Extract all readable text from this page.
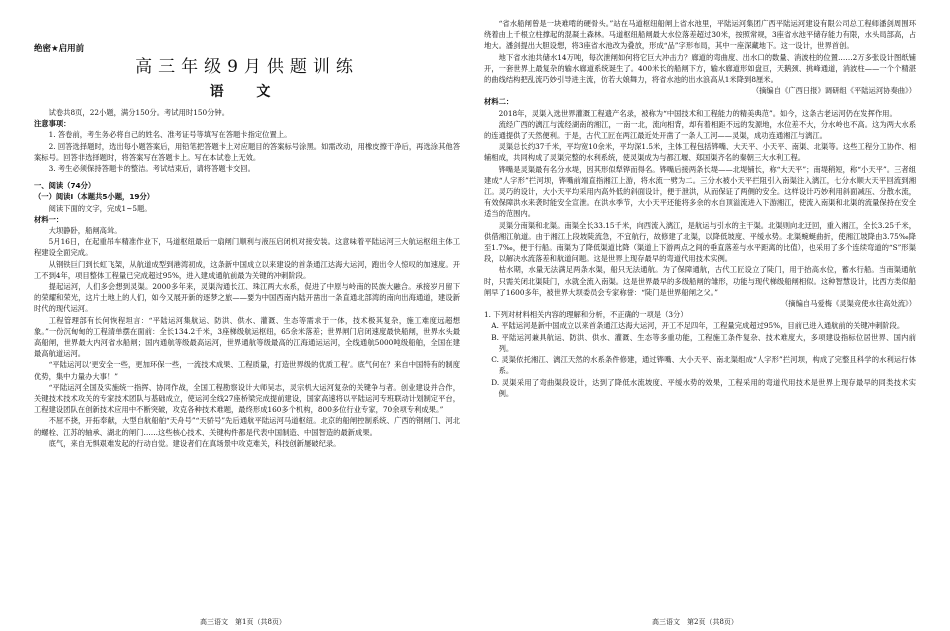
绝密★启用前
高三年级9月供题训练
语 文

试卷共8页，22小题，满分150分。考试用时150分钟。

注意事项：

1. 答卷前，考生务必将自己的姓名、准考证号等填写在答题卡指定位置上。

2. 回答选择题时，选出每小题答案后，用铅笔把答题卡上对应题目的答案标号涂黑。如需改动，用橡皮擦干净后，再选涂其他答案标号。回答非选择题时，将答案写在答题卡上。写在本试卷上无效。

3. 考生必须保持答题卡的整洁。考试结束后，请将答题卡交回。

一、阅读（74分）

（一）阅读Ⅰ（本题共5小题，19分）

阅读下面的文字，完成1~5题。

材料一：

大坝静卧，船闸高耸。

5月16日，在起重吊车精准作业下，马道枢纽最后一扇闸门顺利与液压启闭机对接安装。这意味着平陆运河三大航运枢纽主体工程建设全面完成。

从钢铁巨门到长虹飞架，从航道成型到港湾初成，这条新中国成立以来建设的首条通江达海大运河，跑出令人惊叹的加速度。开工不到4年，项目整体工程量已完成超过95%，进入建成通航前最为关键的冲刺阶段。

提起运河，人们多会想到灵渠。2000多年来，灵渠沟通长江、珠江两大水系，促进了中原与岭南的民族大融合。承接岁月留下的荣耀和荣光，这片土地上的人们，如今又展开新的逐梦之旅——要为中国西南内陆开凿出一条直通北部湾的南向出海通道，建设新时代的现代运河。

工程管理部有长何恢程坦言：“平陆运河集航运、防洪、供水、灌溉、生态等需求于一体，技术极其复杂，施工难度远超想象。”一份沉甸甸的工程清单摆在面前：全长134.2千米，3座梯级航运枢纽，65余米落差；世界闸门启闭速度最快船闸，世界水头最高船闸，世界最大内河省水船闸；国内通航等级最高运河，世界通航等级最高的江海通运运河，全线通航5000吨级船舶，全国在建最高航道运河。

“平陆运河以‘更安全一些，更加环保一些，一流技术成果、工程质量，打造世界级的优质工程’。底气何在？来自中国特有的制度优势，集中力量办大事！”

“平陆运河全国及实施统一指挥、协同作战，全国工程勘察设计大师吴志，灵宗机大运河复杂的关键争与者。创业建设并合作，关键技术技术攻关的专家技术团队与基础成立，使运河全线27座桥梁完成提前建设，国家高速将以平陆运河专班联动计划制定平台，工程建设团队在创新技术应用中不断突破，攻克各种技术难题，最终形成160多个机构，800多位行业专家，70余项专利成果。”

不屈不挠，开拓奉献，大型自航船舶“天舟号”“天骄号”先后通航平陆运河马道枢纽。北京的船闸控制系统、广西的钢闸门、河北的螺栓、江苏的轴承、湖北的闸门……这些核心技术、关键构件都是代表中国制造、中国智造的最新成果。

底气，来自无惧艰难发起的行动自觉。建设者们在真场景中攻克难关，科技创新屡破纪录。

“省水船闸曾是一块难啃的硬骨头。”站在马道枢纽船闸上省水池里，平陆运河集团广西平陆运河建设有限公司总工程师潘剑周围环绕着由上千根立柱撑起的混凝土森林。马道枢纽船闸最大水位落差超过30米，按照常规，3座省水池平储存能力有限，水头局部高，占地大。潘剑提出大胆设想，将3座省水池改为叠放，形成“品”字形布局，其中一座深藏地下。这一设计，世界首创。

地下省水池共储水14万吨，每次泄闸如何将它巨大冲击力？廊道的弯曲度、出水口的数量、消波柱的位置……2万多张设计图纸铺开，一套世界上最复杂的输水廊道系统诞生了。400米长的船闸下方，输水廊道形如盘亘，天鹅颈、挑峰通道，消波柱——一个个精湛的曲线结构把乱流巧妙引导进主流，仿若大娘舞力，将省水池的出水浪高从1米降到8厘米。

（摘编自《广西日报》调研组《平陆运河协奏曲》）

材料二：

2018年，灵渠入选世界灌溉工程遗产名录，被称为“中国技术和工程能力的精美典范”。如今，这条古老运河仍在发挥作用。

流经广西的漓江与流经湖南的湘江，一南一北，流向相背，却有着相距不远的发源地，水位差不大，分水岭也不高。这为两大水系的连通提供了天然便利。于是，古代工匠在两江最近处开凿了一条人工河——灵渠，成功连通湘江与漓江。

灵渠总长约37千米，平均宽10余米，平均深1.5米，主体工程包括铧嘴、大天平、小天平、南渠、北渠等。这些工程分工协作、相辅相成，共同构成了灵渠完整的水利系统，使灵渠成为与都江堰、郑国渠齐名的秦朝三大水利工程。

铧嘴是灵渠最有名分水堤，因其形似犁铧而得名。铧嘴后接两条长堤——北堤铺长，称“大天平”；南堤稍短，称“小天平”。三者组建成“人字形”拦河坝，铧嘴前端直指湘江上游，将水流一劈为二。三分水被小天平拦阻引入南渠注入漓江，七分水顺大天平回流到湘江。灵巧的设计，大小天平均采用内高外低的斜面设计，便于泄洪，从而保证了两侧的安全。这样设计巧妙利用斜面减压、分散水流，有效保障洪水来袭时能安全宣泄。在洪水季节，大小天平还能将多余的水自顶溢流进入下游湘江，使流入南渠和北渠的流量保持在安全适当的范围内。

灵渠分南渠和北渠。南渠全长33.15千米，向西流入漓江，是航运与引水的主干渠。北渠则向北迂回，重入湘江，全长3.25千米，供借湘江航道。由于湘江上段坡陡流急，不宜航行，故修建了北渠，以降低坡度、平缓水势。北渠蜿蜒曲折，使湘江坡降由3.75‰降至1.7‰，便于行船。南渠为了降低渠道比降（渠道上下游两点之间的垂直落差与水平距离的比值），也采用了多个连续弯道的“S”形渠段，以解决水流落差和航道问题。这是世界上现存最早的弯道代用技术实例。

枯水期，水量无法满足两条水渠，船只无法通航。为了保障通航，古代工匠设立了陡门，用于抬高水位，蓄水行船。当南渠通航时，只需关闭北渠陡门，水就全流入南渠。这是世界最早的多级船闸的雏形，功能与现代梯级船闸相似。这种智慧设计，比西方类似船闸早了1600多年，被世界大坝委员会专家称誉：“陡门是世界船闸之父。”

（摘编自马爱梅《灵渠竞使水往高处流》）

1. 下列对材料相关内容的理解和分析，不正确的一项是（3分）

A. 平陆运河是新中国成立以来首条通江达海大运河，开工不足四年，工程量完成超过95%，目前已进入通航前的关键冲刺阶段。

B. 平陆运河兼具航运、防洪、供水、灌溉、生态等多重功能，工程施工条件复杂、技术难度大，多项建设指标位居世界、国内前列。

C. 灵渠依托湘江、漓江天然的水系条件修建，通过铧嘴、大小天平、南北渠组成“人字形”拦河坝，构成了完整且科学的水利运行体系。

D. 灵渠采用了弯曲渠段设计，达到了降低水流坡度、平缓水势的效果，工程采用的弯道代用技术是世界上现存最早的同类技术实例。

高三语文　第1页（共8页）	高三语文　第2页（共8页）
